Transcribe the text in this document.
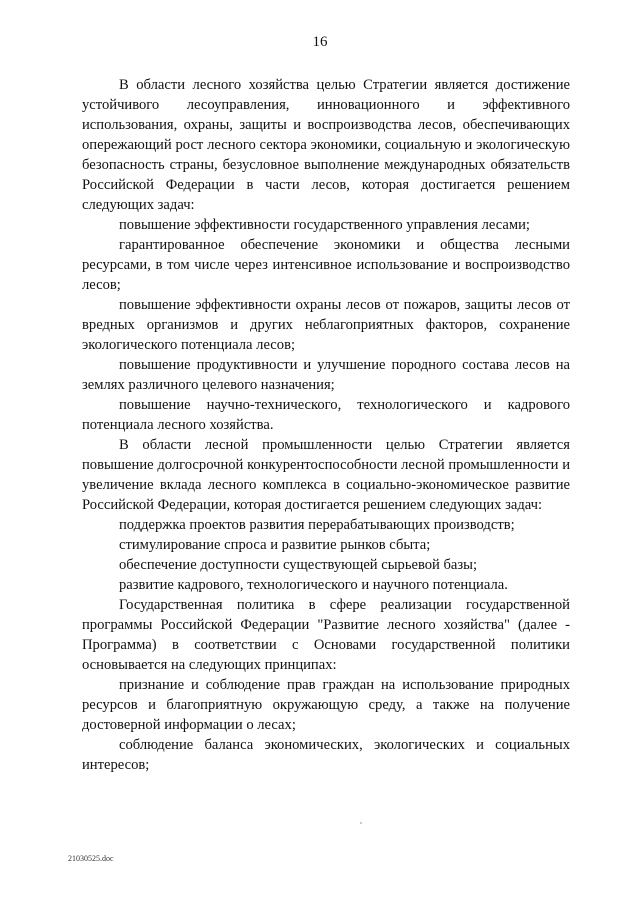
16

В области лесного хозяйства целью Стратегии является достижение устойчивого лесоуправления, инновационного и эффективного использования, охраны, защиты и воспроизводства лесов, обеспечивающих опережающий рост лесного сектора экономики, социальную и экологическую безопасность страны, безусловное выполнение международных обязательств Российской Федерации в части лесов, которая достигается решением следующих задач:

повышение эффективности государственного управления лесами;

гарантированное обеспечение экономики и общества лесными ресурсами, в том числе через интенсивное использование и воспроизводство лесов;

повышение эффективности охраны лесов от пожаров, защиты лесов от вредных организмов и других неблагоприятных факторов, сохранение экологического потенциала лесов;

повышение продуктивности и улучшение породного состава лесов на землях различного целевого назначения;

повышение научно-технического, технологического и кадрового потенциала лесного хозяйства.

В области лесной промышленности целью Стратегии является повышение долгосрочной конкурентоспособности лесной промышленности и увеличение вклада лесного комплекса в социально-экономическое развитие Российской Федерации, которая достигается решением следующих задач:

поддержка проектов развития перерабатывающих производств;

стимулирование спроса и развитие рынков сбыта;

обеспечение доступности существующей сырьевой базы;

развитие кадрового, технологического и научного потенциала.

Государственная политика в сфере реализации государственной программы Российской Федерации "Развитие лесного хозяйства" (далее - Программа) в соответствии с Основами государственной политики основывается на следующих принципах:

признание и соблюдение прав граждан на использование природных ресурсов и благоприятную окружающую среду, а также на получение достоверной информации о лесах;

соблюдение баланса экономических, экологических и социальных интересов;

21030525.doc
